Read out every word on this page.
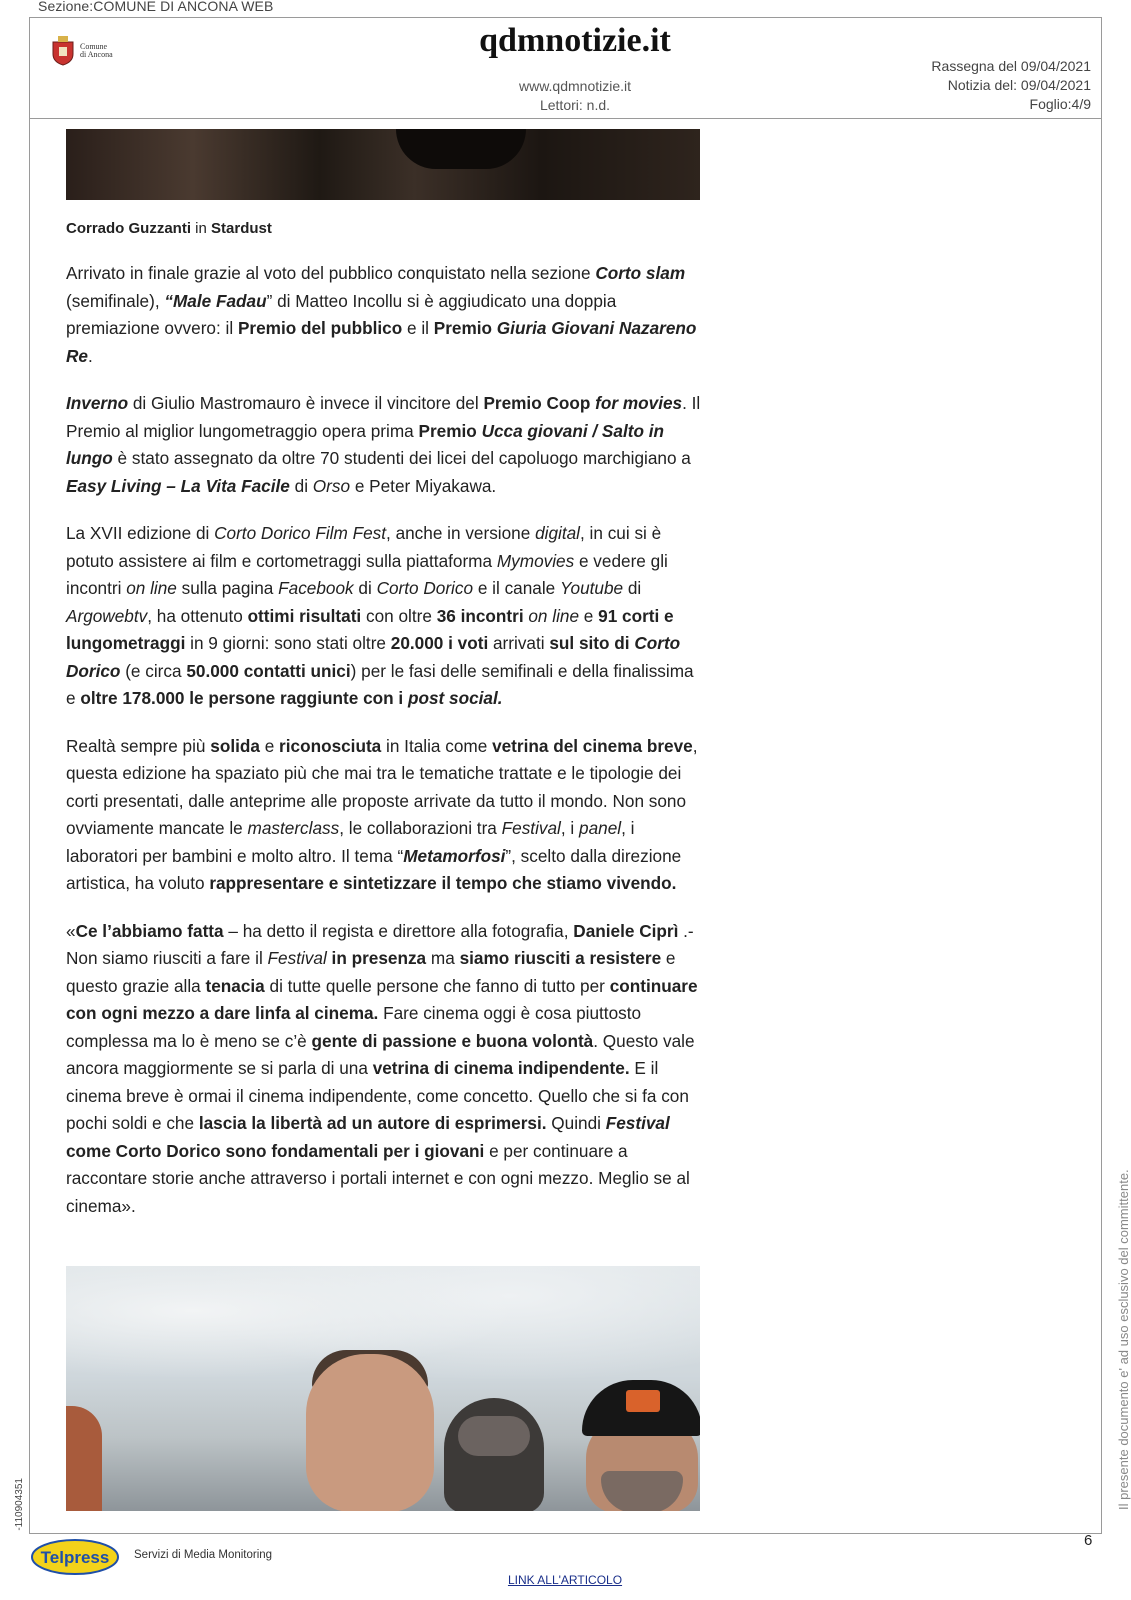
Sezione:COMUNE DI ANCONA WEB
Comune
di Ancona	qdmnotizie.it
www.qdmnotizie.it
Lettori: n.d.
Rassegna del 09/04/2021
Notizia del: 09/04/2021
Foglio:4/9

Corrado Guzzanti in Stardust

Arrivato in finale grazie al voto del pubblico conquistato nella sezione Corto slam (semifinale), “Male Fadau” di Matteo Incollu si è aggiudicato una doppia premiazione ovvero: il Premio del pubblico e il Premio Giuria Giovani Nazareno Re.

Inverno di Giulio Mastromauro è invece il vincitore del Premio Coop for movies. Il Premio al miglior lungometraggio opera prima Premio Ucca giovani / Salto in lungo è stato assegnato da oltre 70 studenti dei licei del capoluogo marchigiano a Easy Living – La Vita Facile di Orso e Peter Miyakawa.

La XVII edizione di Corto Dorico Film Fest, anche in versione digital, in cui si è potuto assistere ai film e cortometraggi sulla piattaforma Mymovies e vedere gli incontri on line sulla pagina Facebook di Corto Dorico e il canale Youtube di Argowebtv, ha ottenuto ottimi risultati con oltre 36 incontri on line e 91 corti e lungometraggi in 9 giorni: sono stati oltre 20.000 i voti arrivati sul sito di Corto Dorico (e circa 50.000 contatti unici) per le fasi delle semifinali e della finalissima e oltre 178.000 le persone raggiunte con i post social.

Realtà sempre più solida e riconosciuta in Italia come vetrina del cinema breve, questa edizione ha spaziato più che mai tra le tematiche trattate e le tipologie dei corti presentati, dalle anteprime alle proposte arrivate da tutto il mondo. Non sono ovviamente mancate le masterclass, le collaborazioni tra Festival, i panel, i laboratori per bambini e molto altro. Il tema “Metamorfosi”, scelto dalla direzione artistica, ha voluto rappresentare e sintetizzare il tempo che stiamo vivendo.

«Ce l’abbiamo fatta – ha detto il regista e direttore alla fotografia, Daniele Ciprì .- Non siamo riusciti a fare il Festival in presenza ma siamo riusciti a resistere e questo grazie alla tenacia di tutte quelle persone che fanno di tutto per continuare con ogni mezzo a dare linfa al cinema. Fare cinema oggi è cosa piuttosto complessa ma lo è meno se c’è gente di passione e buona volontà. Questo vale ancora maggiormente se si parla di una vetrina di cinema indipendente. E il cinema breve è ormai il cinema indipendente, come concetto. Quello che si fa con pochi soldi e che lascia la libertà ad un autore di esprimersi. Quindi Festival come Corto Dorico sono fondamentali per i giovani e per continuare a raccontare storie anche attraverso i portali internet e con ogni mezzo. Meglio se al cinema».	Il presente documento e' ad uso esclusivo del committente.
-110904351
6
Telpress Servizi di Media Monitoring
LINK ALL'ARTICOLO
